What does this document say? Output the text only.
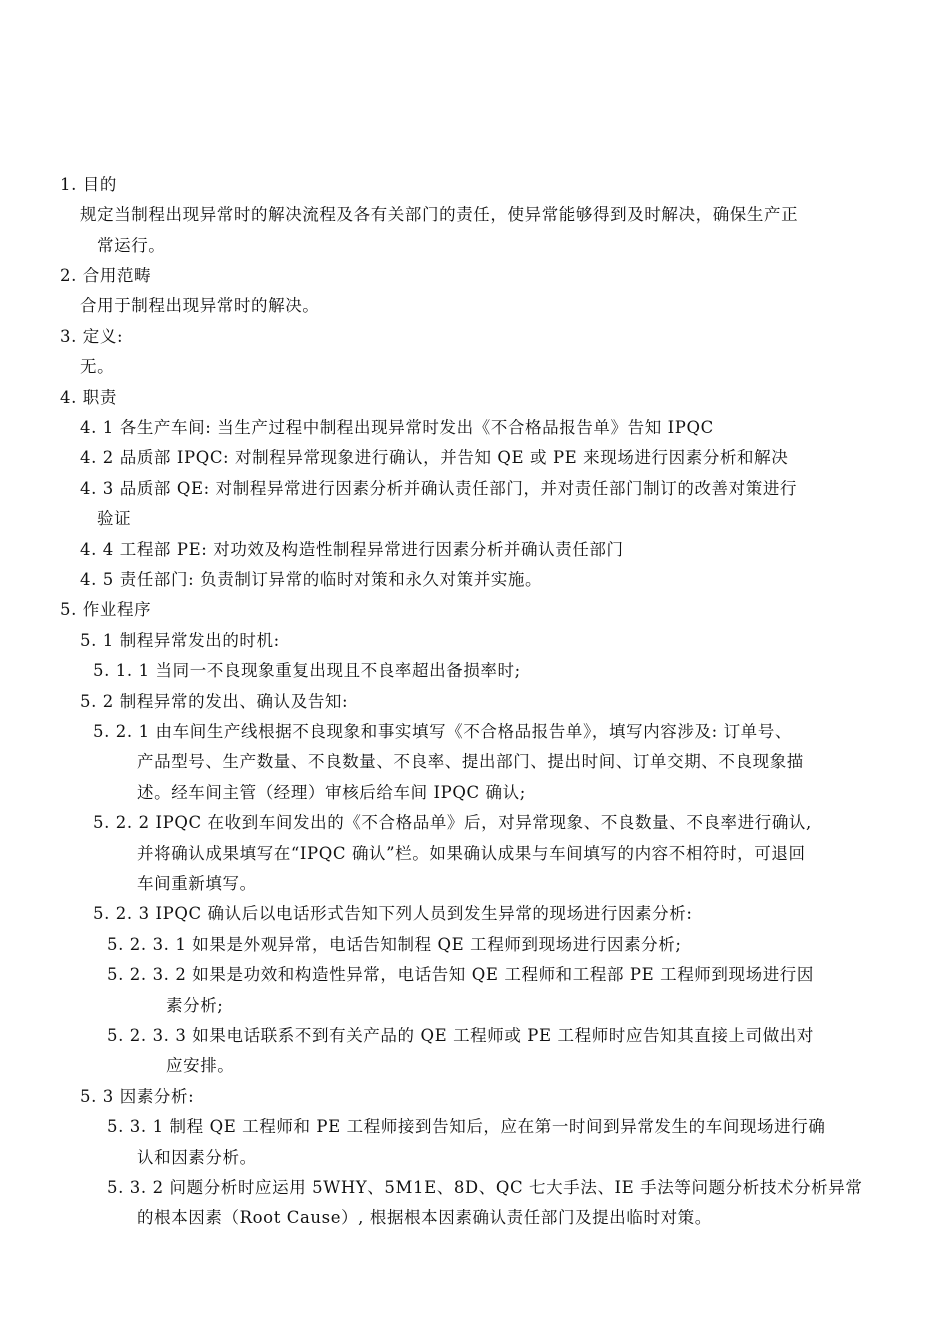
1. 目的
规定当制程出现异常时的解决流程及各有关部门的责任，使异常能够得到及时解决，确保生产正
常运行。
2. 合用范畴
合用于制程出现异常时的解决。
3. 定义:
无。
4. 职责
4. 1 各生产车间: 当生产过程中制程出现异常时发出《不合格品报告单》告知 IPQC
4. 2 品质部 IPQC: 对制程异常现象进行确认，并告知 QE 或 PE 来现场进行因素分析和解决
4. 3 品质部 QE: 对制程异常进行因素分析并确认责任部门，并对责任部门制订的改善对策进行
验证
4. 4 工程部 PE: 对功效及构造性制程异常进行因素分析并确认责任部门
4. 5 责任部门: 负责制订异常的临时对策和永久对策并实施。
5. 作业程序
5. 1 制程异常发出的时机:
5. 1. 1 当同一不良现象重复出现且不良率超出备损率时;
5. 2 制程异常的发出、确认及告知:
5. 2. 1 由车间生产线根据不良现象和事实填写《不合格品报告单》，填写内容涉及: 订单号、
产品型号、生产数量、不良数量、不良率、提出部门、提出时间、订单交期、不良现象描
述。经车间主管（经理）审核后给车间 IPQC 确认;
5. 2. 2 IPQC 在收到车间发出的《不合格品单》后，对异常现象、不良数量、不良率进行确认,
并将确认成果填写在“IPQC 确认”栏。如果确认成果与车间填写的内容不相符时，可退回
车间重新填写。
5. 2. 3 IPQC 确认后以电话形式告知下列人员到发生异常的现场进行因素分析:
5. 2. 3. 1 如果是外观异常，电话告知制程 QE 工程师到现场进行因素分析;
5. 2. 3. 2 如果是功效和构造性异常，电话告知 QE 工程师和工程部 PE 工程师到现场进行因
素分析;
5. 2. 3. 3 如果电话联系不到有关产品的 QE 工程师或 PE 工程师时应告知其直接上司做出对
应安排。
5. 3 因素分析:
5. 3. 1 制程 QE 工程师和 PE 工程师接到告知后，应在第一时间到异常发生的车间现场进行确
认和因素分析。
5. 3. 2 问题分析时应运用 5WHY、5M1E、8D、QC 七大手法、IE 手法等问题分析技术分析异常
的根本因素（Root Cause）, 根据根本因素确认责任部门及提出临时对策。
